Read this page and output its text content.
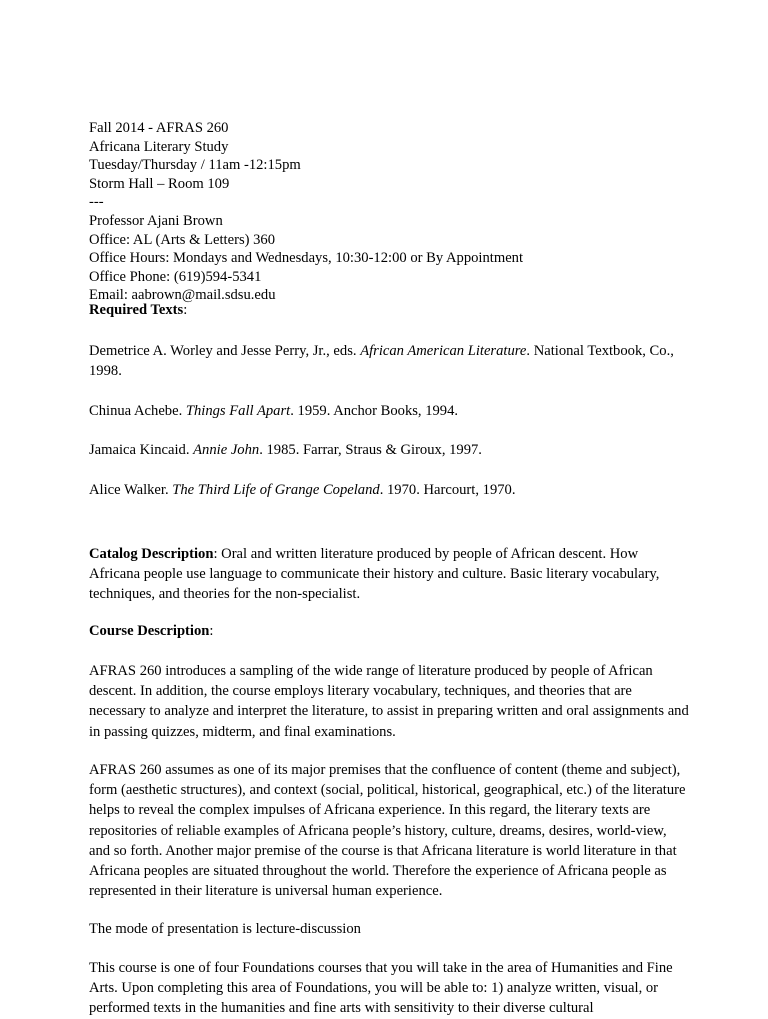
Fall 2014 - AFRAS 260
Africana Literary Study
Tuesday/Thursday / 11am -12:15pm
Storm Hall – Room 109
---
Professor Ajani Brown
Office: AL (Arts & Letters) 360
Office Hours: Mondays and Wednesdays, 10:30-12:00 or By Appointment
Office Phone: (619)594-5341
Email: aabrown@mail.sdsu.edu
Required Texts:
Demetrice A. Worley and Jesse Perry, Jr., eds. African American Literature. National Textbook, Co., 1998.
Chinua Achebe. Things Fall Apart. 1959. Anchor Books, 1994.
Jamaica Kincaid. Annie John. 1985. Farrar, Straus & Giroux, 1997.
Alice Walker. The Third Life of Grange Copeland. 1970. Harcourt, 1970.
Catalog Description: Oral and written literature produced by people of African descent. How Africana people use language to communicate their history and culture. Basic literary vocabulary, techniques, and theories for the non-specialist.
Course Description:
AFRAS 260 introduces a sampling of the wide range of literature produced by people of African descent. In addition, the course employs literary vocabulary, techniques, and theories that are necessary to analyze and interpret the literature, to assist in preparing written and oral assignments and in passing quizzes, midterm, and final examinations.
AFRAS 260 assumes as one of its major premises that the confluence of content (theme and subject), form (aesthetic structures), and context (social, political, historical, geographical, etc.) of the literature helps to reveal the complex impulses of Africana experience. In this regard, the literary texts are repositories of reliable examples of Africana people’s history, culture, dreams, desires, world-view, and so forth. Another major premise of the course is that Africana literature is world literature in that Africana peoples are situated throughout the world. Therefore the experience of Africana people as represented in their literature is universal human experience.
The mode of presentation is lecture-discussion
This course is one of four Foundations courses that you will take in the area of Humanities and Fine Arts. Upon completing this area of Foundations, you will be able to: 1) analyze written, visual, or performed texts in the humanities and fine arts with sensitivity to their diverse cultural
